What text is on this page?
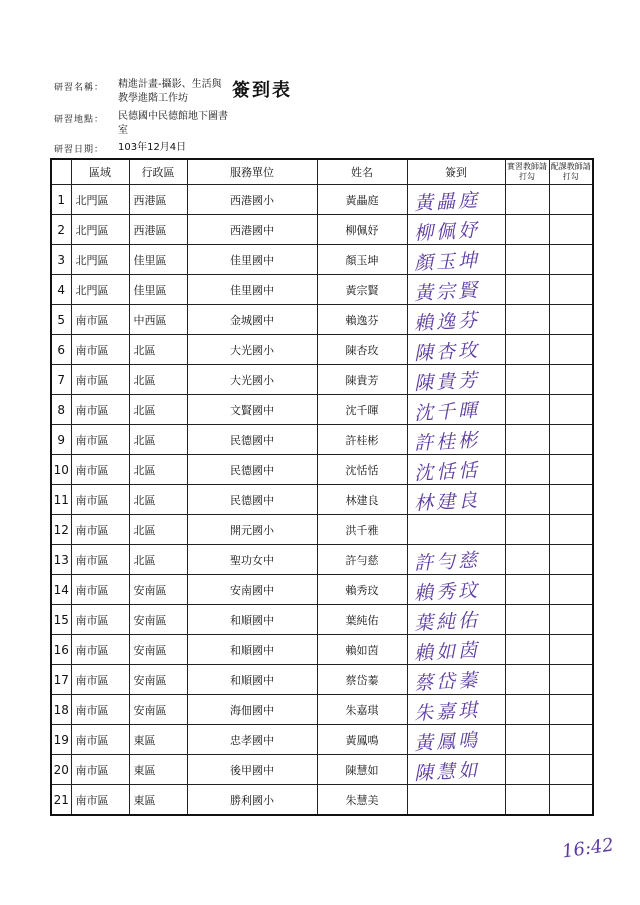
研習名稱： 精進計畫-攝影、生活與教學進階工作坊	簽到表
研習地點： 民德國中民德館地下圖書室
研習日期： 103年12月4日
	區域	行政區	服務單位	姓名	簽到	實習教師請打勾	配課教師請打勾
1	北門區	西港區	西港國小	黃畾庭	黃畾庭		

2	北門區	西港區	西港國中	柳佩妤	柳佩妤		

3	北門區	佳里區	佳里國中	顏玉坤	顏玉坤		

4	北門區	佳里區	佳里國中	黃宗賢	黃宗賢		

5	南市區	中西區	金城國中	賴逸芬	賴逸芬		

6	南市區	北區	大光國小	陳杏玫	陳杏玫		

7	南市區	北區	大光國小	陳貴芳	陳貴芳		

8	南市區	北區	文賢國中	沈千暉	沈千暉		

9	南市區	北區	民德國中	許桂彬	許桂彬		

10	南市區	北區	民德國中	沈恬恬	沈恬恬		

11	南市區	北區	民德國中	林建良	林建良		

12	南市區	北區	開元國小	洪千雅	

13	南市區	北區	聖功女中	許勻慈	許勻慈		

14	南市區	安南區	安南國中	賴秀玟	賴秀玟		

15	南市區	安南區	和順國中	葉純佑	葉純佑		

16	南市區	安南區	和順國中	賴如茵	賴如茵		

17	南市區	安南區	和順國中	蔡岱蓁	蔡岱蓁		

18	南市區	安南區	海佃國中	朱嘉琪	朱嘉琪		

19	南市區	東區	忠孝國中	黃鳳鳴	黃鳳鳴		

20	南市區	東區	後甲國中	陳慧如	陳慧如		

21	南市區	東區	勝利國小	朱慧美	

16:42
